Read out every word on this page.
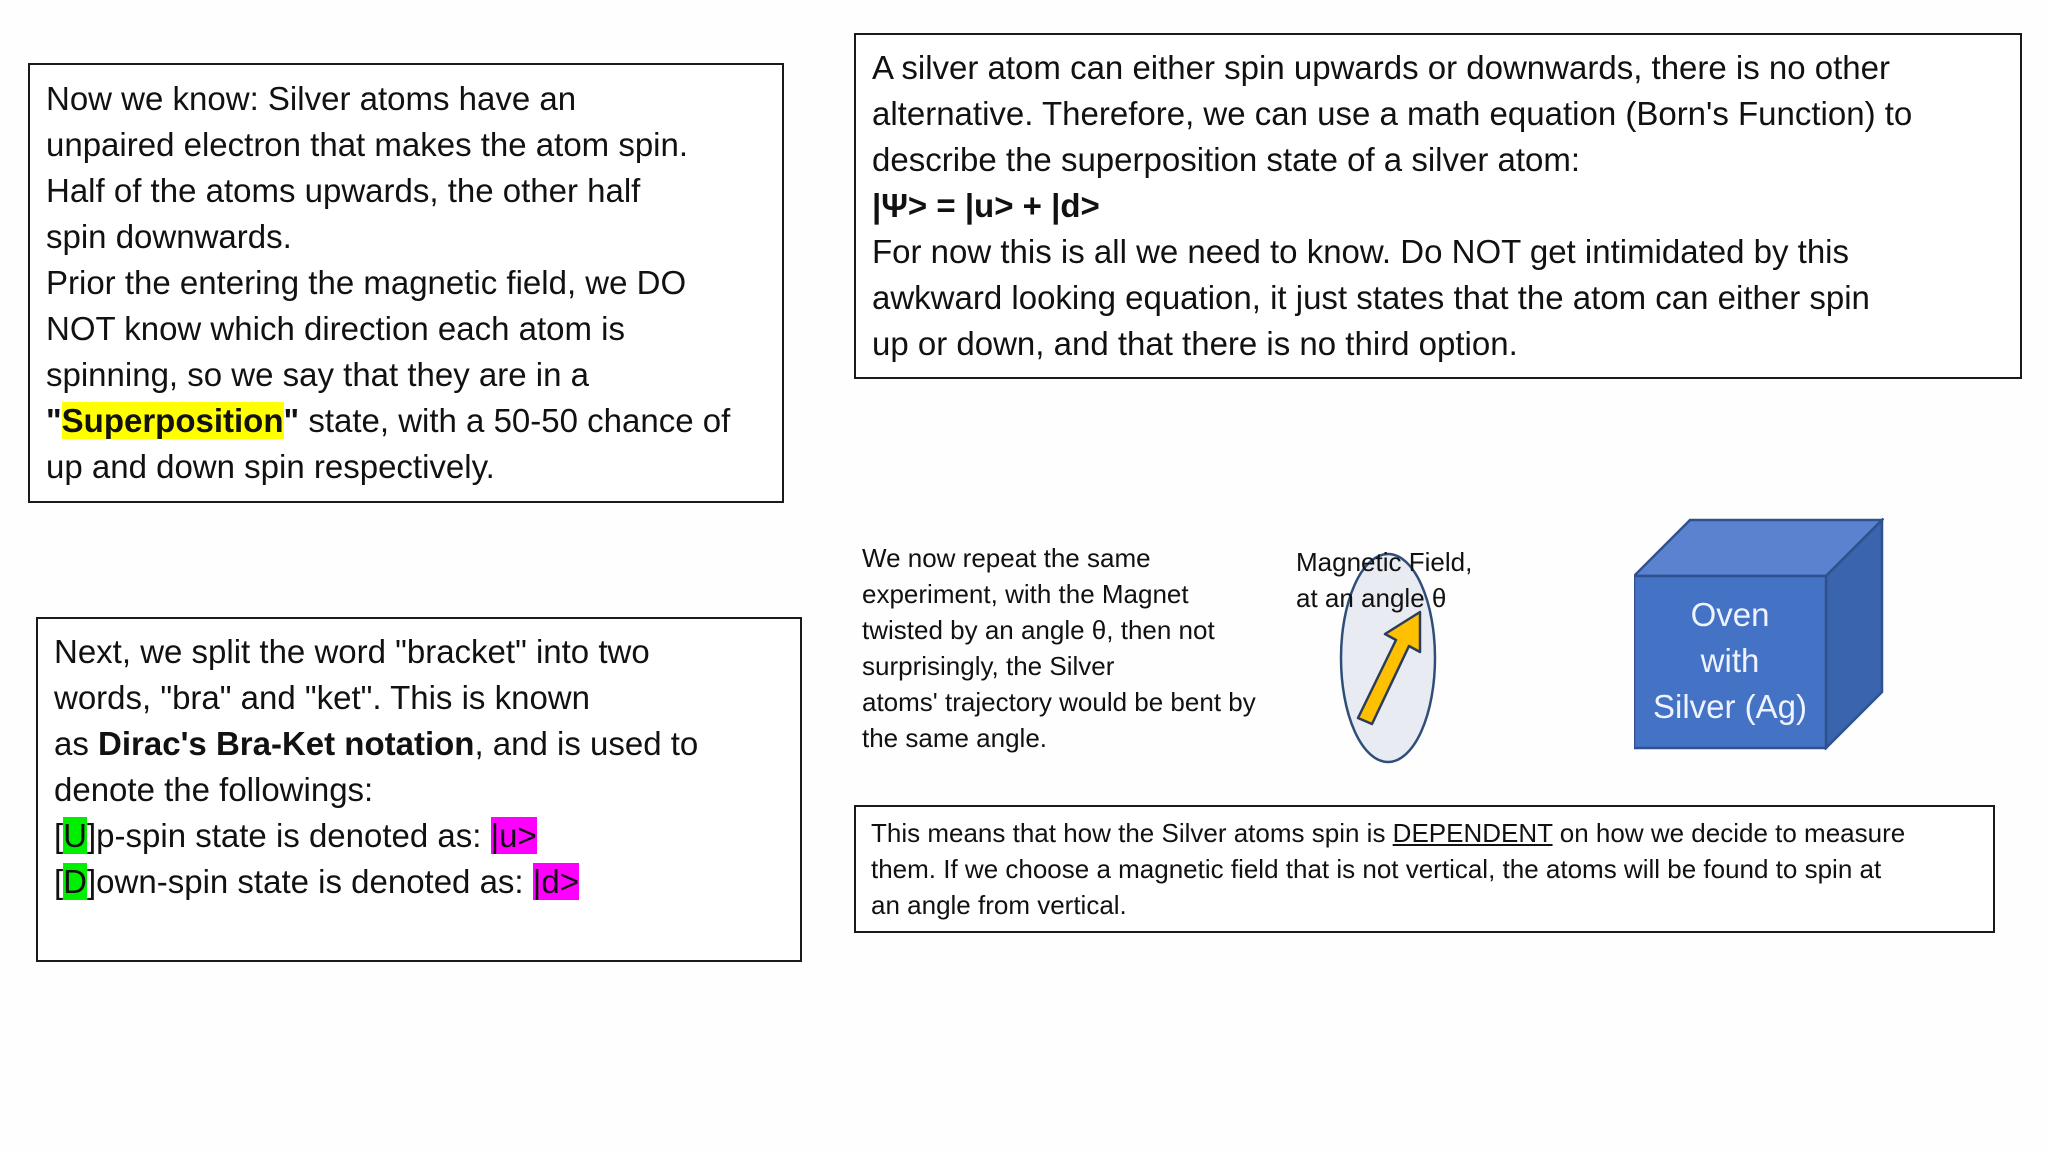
Now we know: Silver atoms have an
unpaired electron that makes the atom spin.
Half of the atoms upwards, the other half
spin downwards.
Prior the entering the magnetic field, we DO
NOT know which direction each atom is
spinning, so we say that they are in a
"Superposition" state, with a 50-50 chance of
up and down spin respectively.
A silver atom can either spin upwards or downwards, there is no other
alternative. Therefore, we can use a math equation (Born's Function) to
describe the superposition state of a silver atom:
|Ψ> = |u> + |d>
For now this is all we need to know. Do NOT get intimidated by this
awkward looking equation, it just states that the atom can either spin
up or down, and that there is no third option.
Next, we split the word "bracket" into two
words, "bra" and "ket". This is known
as Dirac's Bra-Ket notation, and is used to
denote the followings:
[U]p-spin state is denoted as: |u>
[D]own-spin state is denoted as: |d>
We now repeat the same
experiment, with the Magnet
twisted by an angle θ, then not
surprisingly, the Silver
atoms' trajectory would be bent by
the same angle.
Magnetic Field,
at an angle θ	Oven
with
Silver (Ag)
This means that how the Silver atoms spin is DEPENDENT on how we decide to measure
them. If we choose a magnetic field that is not vertical, the atoms will be found to spin at
an angle from vertical.
